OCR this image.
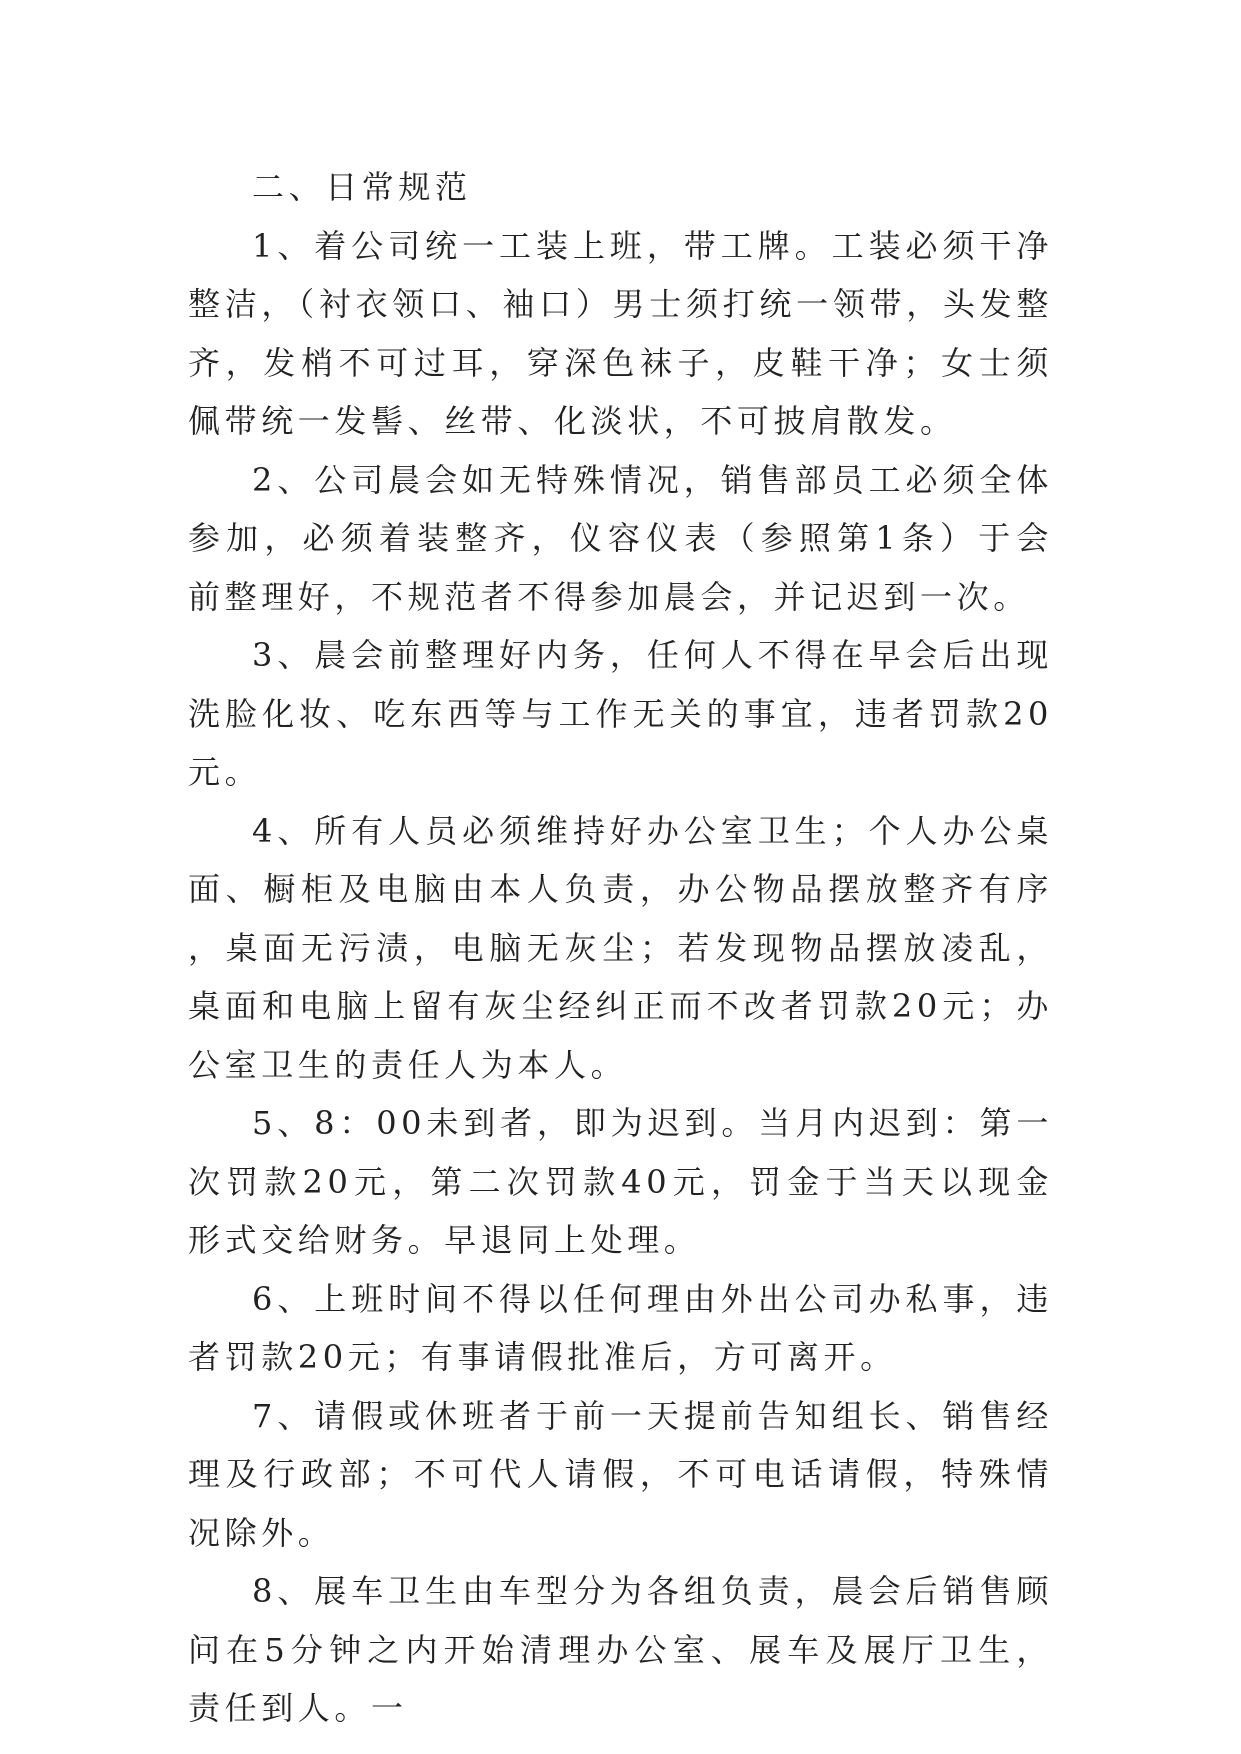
二、日常规范

1、着公司统一工装上班，带工牌。工装必须干净整洁，（衬衣领口、袖口）男士须打统一领带，头发整齐，发梢不可过耳，穿深色袜子，皮鞋干净；女士须佩带统一发髻、丝带、化淡状，不可披肩散发。

2、公司晨会如无特殊情况，销售部员工必须全体参加，必须着装整齐，仪容仪表（参照第1条）于会前整理好，不规范者不得参加晨会，并记迟到一次。

3、晨会前整理好内务，任何人不得在早会后出现洗脸化妆、吃东西等与工作无关的事宜，违者罚款20元。

4、所有人员必须维持好办公室卫生；个人办公桌面、橱柜及电脑由本人负责，办公物品摆放整齐有序，桌面无污渍，电脑无灰尘；若发现物品摆放凌乱，桌面和电脑上留有灰尘经纠正而不改者罚款20元；办公室卫生的责任人为本人。

5、8：00未到者，即为迟到。当月内迟到：第一次罚款20元，第二次罚款40元，罚金于当天以现金形式交给财务。早退同上处理。

6、上班时间不得以任何理由外出公司办私事，违者罚款20元；有事请假批准后，方可离开。

7、请假或休班者于前一天提前告知组长、销售经理及行政部；不可代人请假，不可电话请假，特殊情况除外。

8、展车卫生由车型分为各组负责，晨会后销售顾问在5分钟之内开始清理办公室、展车及展厅卫生，责任到人。一
